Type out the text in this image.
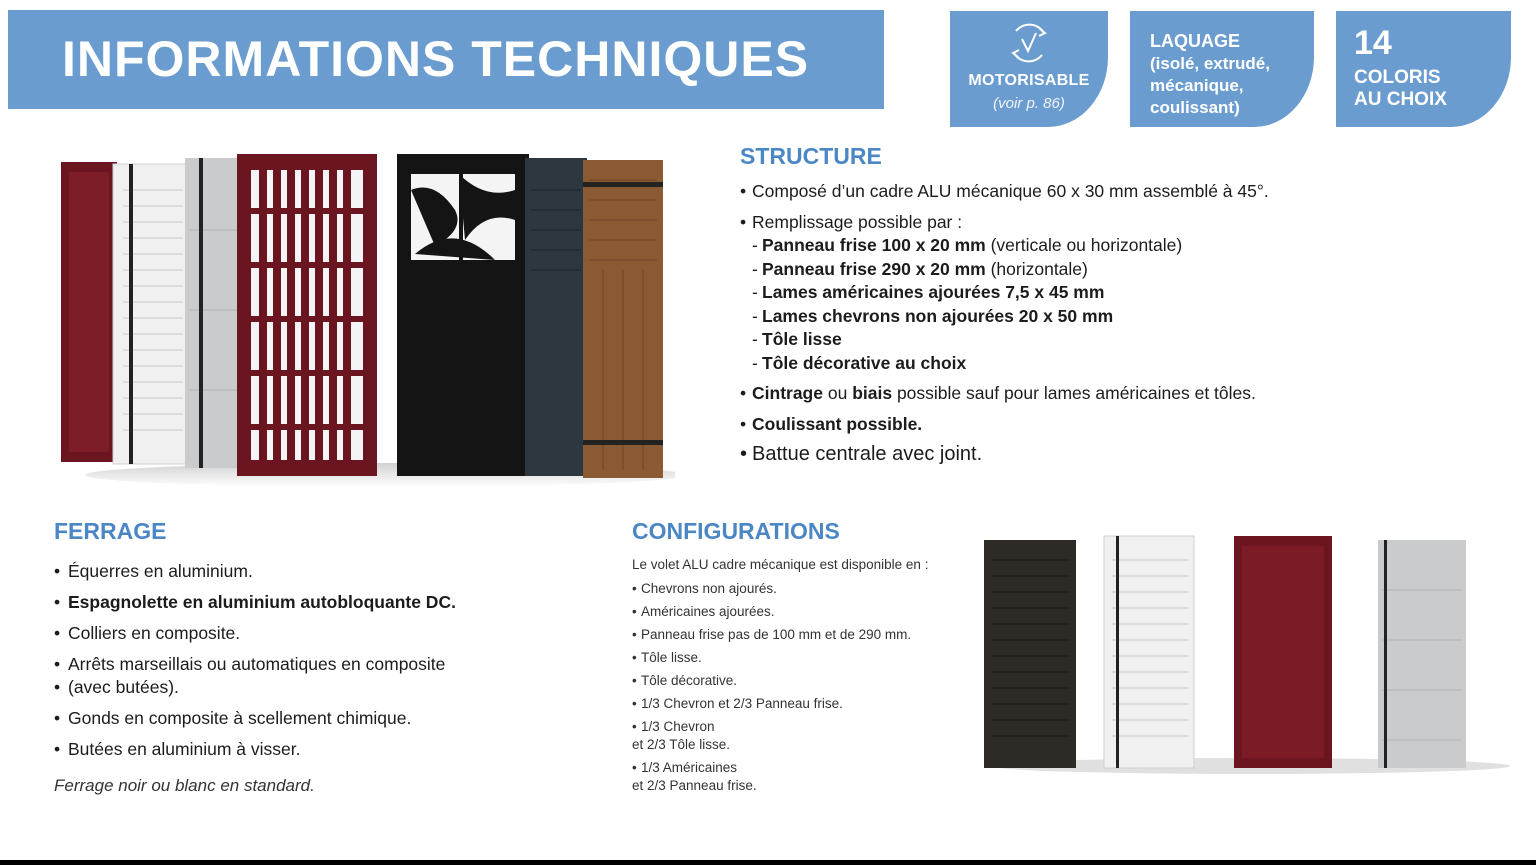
INFORMATIONS TECHNIQUES	MOTORISABLE
(voir p. 86)
LAQUAGE
(isolé, extrudé,
mécanique,
coulissant)
14
COLORIS
AU CHOIX
STRUCTURE
• Composé d’un cadre ALU mécanique 60 x 30 mm assemblé à 45°.
• Remplissage possible par :
- Panneau frise 100 x 20 mm (verticale ou horizontale)
- Panneau frise 290 x 20 mm (horizontale)
- Lames américaines ajourées 7,5 x 45 mm
- Lames chevrons non ajourées 20 x 50 mm
- Tôle lisse
- Tôle décorative au choix
• Cintrage ou biais possible sauf pour lames américaines et tôles.
• Coulissant possible.
• Battue centrale avec joint.
FERRAGE
• Équerres en aluminium.
• Espagnolette en aluminium autobloquante DC.
• Colliers en composite.
• Arrêts marseillais ou automatiques en composite
• (avec butées).
• Gonds en composite à scellement chimique.
• Butées en aluminium à visser.
Ferrage noir ou blanc en standard.
CONFIGURATIONS
Le volet ALU cadre mécanique est disponible en :
• Chevrons non ajourés.
• Américaines ajourées.
• Panneau frise pas de 100 mm et de 290 mm.
• Tôle lisse.
• Tôle décorative.
• 1/3 Chevron et 2/3 Panneau frise.
• 1/3 Chevron
et 2/3 Tôle lisse.
• 1/3 Américaines
et 2/3 Panneau frise.
